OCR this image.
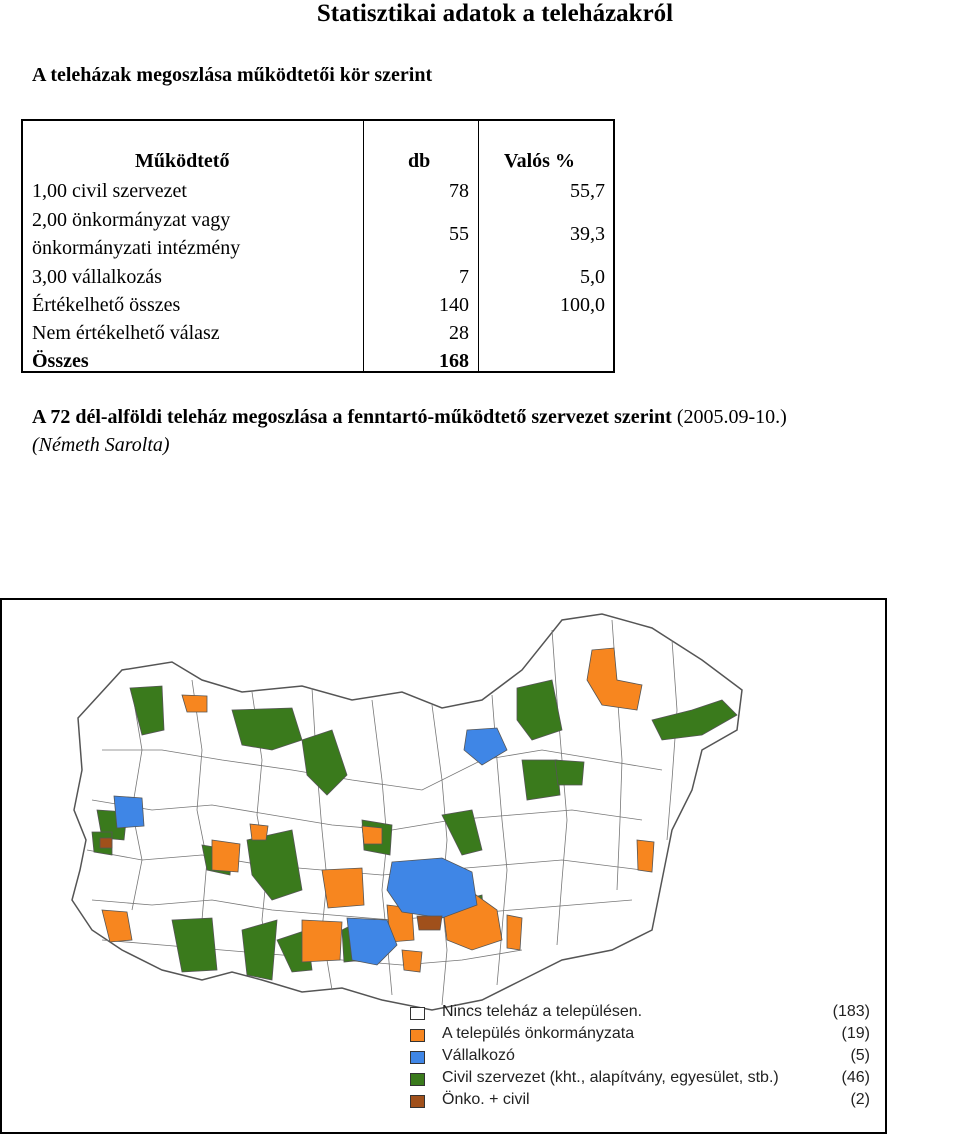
Statisztikai adatok a teleházakról
A teleházak megoszlása működtetői kör szerint
Működtető	db	Valós %
1,00 civil szervezet	78	55,7
2,00 önkormányzat vagy
önkormányzati intézmény
55	39,3
3,00 vállalkozás	7	5,0
Értékelhető összes	140	100,0
Nem értékelhető válasz	28
Összes	168
A 72 dél-alföldi teleház megoszlása a fenntartó-működtető szervezet szerint (2005.09-10.)
(Németh Sarolta)
Nincs teleház a településen.	(183)
A település önkormányzata	(19)
Vállalkozó	(5)
Civil szervezet (kht., alapítvány, egyesület, stb.)	(46)
Önko. + civil	(2)
